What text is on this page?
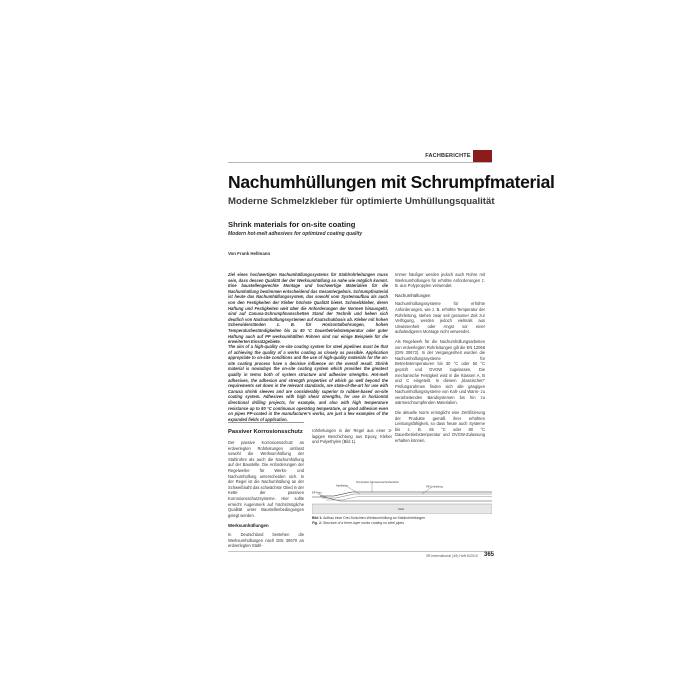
FACHBERICHTE
Nachumhüllungen mit Schrumpfmaterial
Moderne Schmelzkleber für optimierte Umhüllungsqualität
Shrink materials for on-site coating
Modern hot-melt adhesives for optimized coating quality
Von Frank Hellmann
Ziel eines hochwertigen Nachumhüllungssystems für Stahlrohrleitungen muss sein, dass dessen Qualität der der Werksumhüllung so nahe wie möglich kommt. Eine baustellengerechte Montage und hochwertige Materialien für die Nachumhüllung bestimmen entscheidend das Gesamtergebnis. Schrumpfmaterial ist heute das Nachumhüllungssystem, das sowohl vom Systemaufbau als auch von den Festigkeiten der Kleber höchste Qualität bietet. Schmelzkleber, deren Haftung und Festigkeiten weit über die Anforderungen der Normen hinausgeht, sind auf Canusa-Schrumpfmanschetten Stand der Technik und heben sich deutlich von Nachumhüllungssystemen auf Kautschukbasis ab. Kleber mit hohen Scherwiderständen z. B. für Horizontalbohrungen, hohen Temperaturbeständigkeiten bis zu 80 °C Dauerbetriebstemperatur oder guter Haftung auch auf PP werksumhüllten Rohren sind nur einige Beispiele für die erweiterten Einsatzgebiete.
The aim of a high-quality on-site coating system for steel pipelines must be that of achieving the quality of a works coating as closely as possible. Application appropriate to on-site conditions and the use of high-quality materials for the on-site coating process have a decisive influence on the overall result. Shrink material is nowadays the on-site coating system which provides the greatest quality in terms both of system structure and adhesive strengths. Hot-melt adhesives, the adhesion and strength properties of which go well beyond the requirements set down in the relevant standards, are state-of-the-art for use with Canusa shrink sleeves and are considerably superior to rubber-based on-site coating system. Adhesives with high shear strengths, for use in horizontal directional drilling projects, for example, and also with high temperature resistance up to 80 °C continuous operating temperature, or good adhesion even on pipes PP-coated in the manufacturer's works, are just a few examples of the expanded fields of application.

Immer häufiger werden jedoch auch Rohre mit Werksumhüllungen für erhöhte Anforderungen z. B. aus Polypropylen verwendet.

Nachumhüllungen

Nachumhüllungssysteme für erhöhte Anforderungen, wie z. B. erhöhte Temperatur der Rohrleitung, stehen zwar seit geraumer Zeit zur Verfügung, werden jedoch vielmals aus Unwissenheit oder Angst vor einer aufwändigeren Montage nicht verwendet.

Als Regelwerk für die Nachumhüllungsarbeiten von erdverlegten Rohrleitungen gilt die EN 12068 (DIN 30672). In der Vergangenheit wurden die Nachumhüllungssysteme für Betriebstemperaturen bis 30 °C oder 50 °C geprüft und DVGW zugelassen. Die mechanische Festigkeit wird in die Klassen A, B und C eingeteilt. In diesem „klassischen" Prüfungsrahmen finden sich alle gängigen Nachumhüllungssysteme von Kalt- und Warm- zu verarbeitenden Bandsystemen bis hin zu wärmeschrumpfenden Materialien.

Die aktuelle Norm ermöglicht eine Zertifizierung der Produkte gemäß ihrer erhöhten Leistungsfähigkeit, so dass heute auch Systeme bis z. B. 65 °C oder 80 °C Dauerbetriebstemperatur und DVGW-Zulassung erhalten können.

Passiver Korrosionsschutz

Der passive Korrosionsschutz an erdverlegten Rohrleitungen umfasst sowohl die Werksumhüllung der Stahlrohre als auch die Nachumhüllung auf der Baustelle. Die Anforderungen der Regelwerke für Werks- und Nachumhüllung unterscheiden sich. In der Regel ist die Nachumhüllung an der Schweißnaht das schwächste Glied in der Kette der passiven Korrosionsschutzsysteme. Hier sollte erreicht Augenmerk auf höchstmögliche Qualität unter Baustellenbedingungen gelegt werden.

Werksumhüllungen

In Deutschland bestehen die Werksumhüllungen nach DIN 30670 an erdverlegten Stahl-

rohrleitungen in der Regel aus einer 3-lagigen Beschichtung aus Epoxy, Kleber und Polyethylen (Bild 1).

Temporärer Korrosionsschutzanstrich
Hartkleber	PE-Umhüllung
EP-Harz
Stahl
Bild 1: Aufbau einer Drei-Schichten-Werksumhüllung an Stahlrohrleitungen
Fig. 1: Structure of a three-layer works coating on steel pipes
3R international (49) Heft 6/2010 365
